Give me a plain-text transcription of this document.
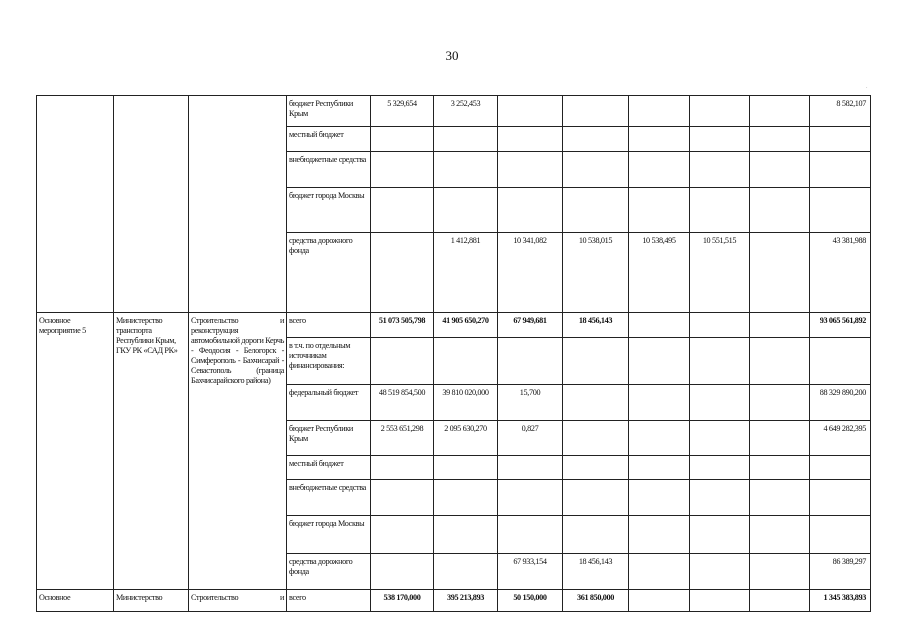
30
.
			бюджет Республики Крым	5 329,654	3 252,453						8 582,107
			местный бюджет								
			внебюджетные средства								
			бюджет города Москвы								
			средства дорожного фонда		1 412,881	10 341,082	10 538,015	10 538,495	10 551,515		43 381,988
Основное мероприятие 5	Министерство транспорта Республики Крым, ГКУ РК «САД РК»	Строительство и реконструкция автомобильной дороги Керчь - Феодосия - Белогорск - Симферополь - Бахчисарай - Севастополь (граница Бахчисарайского района)	всего	51 073 505,798	41 905 650,270	67 949,681	18 456,143				93 065 561,892
			в т.ч. по отдельным источникам финансирования:								
			федеральный бюджет	48 519 854,500	39 810 020,000	15,700					88 329 890,200
			бюджет Республики Крым	2 553 651,298	2 095 630,270	0,827					4 649 282,395
			местный бюджет								
			внебюджетные средства								
			бюджет города Москвы								
			средства дорожного фонда			67 933,154	18 456,143				86 389,297
Основное	Министерство	Строительство и	всего	538 170,000	395 213,893	50 150,000	361 850,000				1 345 383,893
